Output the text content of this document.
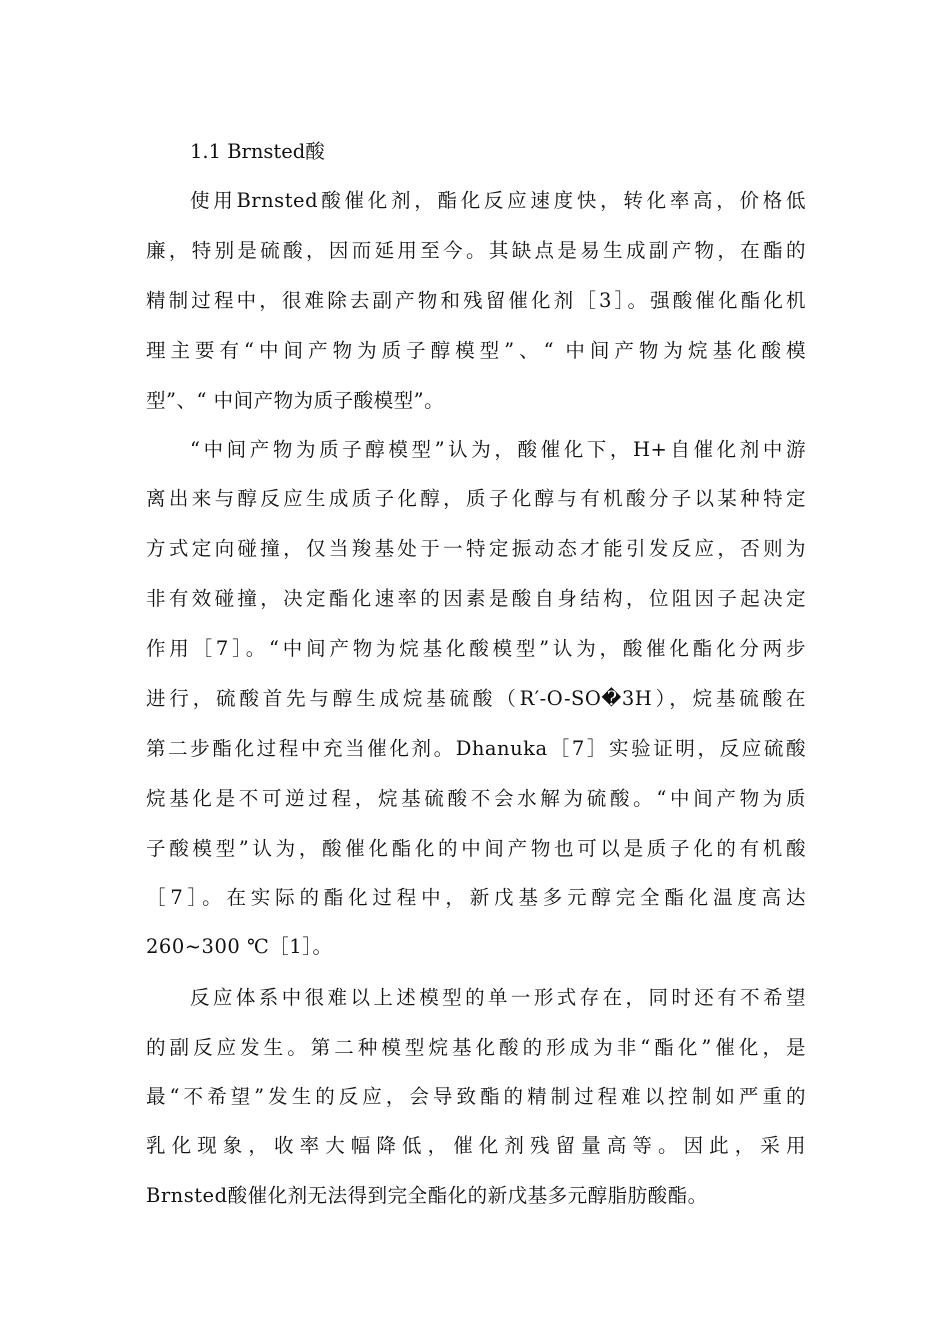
1.1 Brnsted酸
使用Brnsted酸催化剂，酯化反应速度快，转化率高，价格低
廉，特别是硫酸，因而延用至今。其缺点是易生成副产物，在酯的
精制过程中，很难除去副产物和残留催化剂［3］。强酸催化酯化机
理主要有“中间产物为质子醇模型”、“ 中间产物为烷基化酸模
型”、“ 中间产物为质子酸模型”。
“中间产物为质子醇模型”认为，酸催化下，H+自催化剂中游
离出来与醇反应生成质子化醇，质子化醇与有机酸分子以某种特定
方式定向碰撞，仅当羧基处于一特定振动态才能引发反应，否则为
非有效碰撞，决定酯化速率的因素是酸自身结构，位阻因子起决定
作用［7］。“中间产物为烷基化酸模型”认为，酸催化酯化分两步
进行，硫酸首先与醇生成烷基硫酸（R′-O-SO�3H），烷基硫酸在
第二步酯化过程中充当催化剂。Dhanuka［7］实验证明，反应硫酸
烷基化是不可逆过程，烷基硫酸不会水解为硫酸。“中间产物为质
子酸模型”认为，酸催化酯化的中间产物也可以是质子化的有机酸
［7］。在实际的酯化过程中，新戊基多元醇完全酯化温度高达
260~300 ℃［1］。
反应体系中很难以上述模型的单一形式存在，同时还有不希望
的副反应发生。第二种模型烷基化酸的形成为非“酯化”催化，是
最“不希望”发生的反应，会导致酯的精制过程难以控制如严重的
乳化现象，收率大幅降低，催化剂残留量高等。因此，采用
Brnsted酸催化剂无法得到完全酯化的新戊基多元醇脂肪酸酯。
